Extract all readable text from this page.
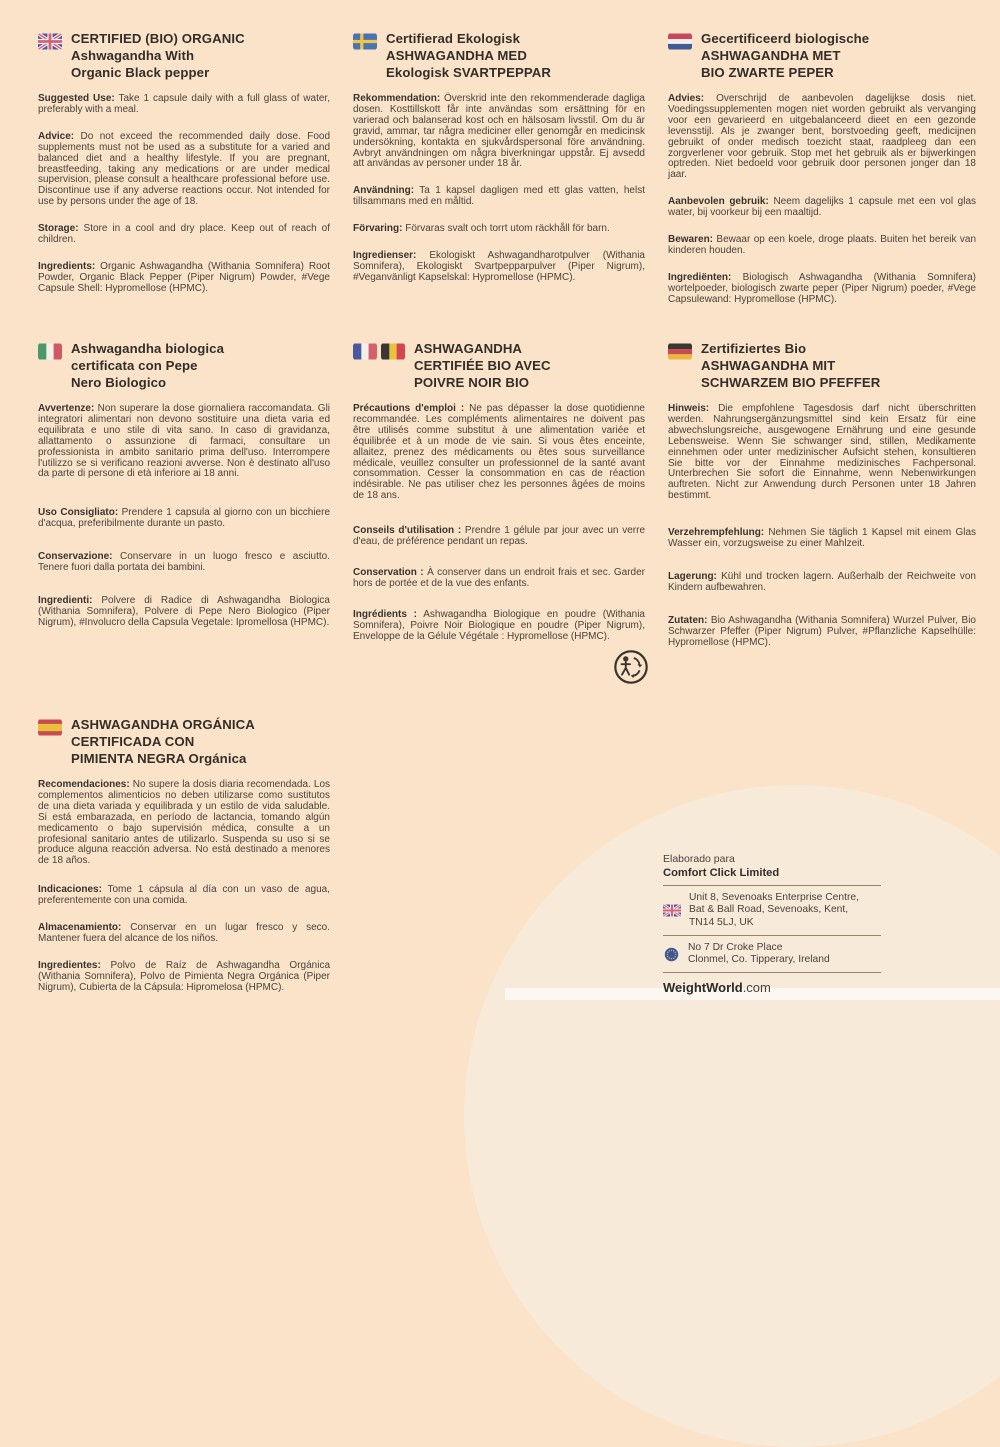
CERTIFIED (BIO) ORGANIC
Ashwagandha With
Organic Black pepper

Suggested Use: Take 1 capsule daily with a full glass of water, preferably with a meal.

Advice: Do not exceed the recommended daily dose. Food supplements must not be used as a substitute for a varied and balanced diet and a healthy lifestyle. If you are pregnant, breastfeeding, taking any medications or are under medical supervision, please consult a healthcare professional before use. Discontinue use if any adverse reactions occur. Not intended for use by persons under the age of 18.

Storage: Store in a cool and dry place. Keep out of reach of children.

Ingredients: Organic Ashwagandha (Withania Somnifera) Root Powder, Organic Black Pepper (Piper Nigrum) Powder, #Vege Capsule Shell: Hypromellose (HPMC).

Certifierad Ekologisk
ASHWAGANDHA MED
Ekologisk SVARTPEPPAR

Rekommendation: Överskrid inte den rekommenderade dagliga dosen. Kosttillskott får inte användas som ersättning för en varierad och balanserad kost och en hälsosam livsstil. Om du är gravid, ammar, tar några mediciner eller genomgår en medicinsk undersökning, kontakta en sjukvårdspersonal före användning. Avbryt användningen om några biverkningar uppstår. Ej avsedd att användas av personer under 18 år.

Användning: Ta 1 kapsel dagligen med ett glas vatten, helst tillsammans med en måltid.

Förvaring: Förvaras svalt och torrt utom räckhåll för barn.

Ingredienser: Ekologiskt Ashwagandharotpulver (Withania Somnifera), Ekologiskt Svartpepparpulver (Piper Nigrum), #Veganvänligt Kapselskal: Hypromellose (HPMC).

Gecertificeerd biologische
ASHWAGANDHA MET
BIO ZWARTE PEPER

Advies: Overschrijd de aanbevolen dagelijkse dosis niet. Voedingssupplementen mogen niet worden gebruikt als vervanging voor een gevarieerd en uitgebalanceerd dieet en een gezonde levensstijl. Als je zwanger bent, borstvoeding geeft, medicijnen gebruikt of onder medisch toezicht staat, raadpleeg dan een zorgverlener voor gebruik. Stop met het gebruik als er bijwerkingen optreden. Niet bedoeld voor gebruik door personen jonger dan 18 jaar.

Aanbevolen gebruik: Neem dagelijks 1 capsule met een vol glas water, bij voorkeur bij een maaltijd.

Bewaren: Bewaar op een koele, droge plaats. Buiten het bereik van kinderen houden.

Ingrediënten: Biologisch Ashwagandha (Withania Somnifera) wortelpoeder, biologisch zwarte peper (Piper Nigrum) poeder, #Vege Capsulewand: Hypromellose (HPMC).

Ashwagandha biologica
certificata con Pepe
Nero Biologico

Avvertenze: Non superare la dose giornaliera raccomandata. Gli integratori alimentari non devono sostituire una dieta varia ed equilibrata e uno stile di vita sano. In caso di gravidanza, allattamento o assunzione di farmaci, consultare un professionista in ambito sanitario prima dell'uso. Interrompere l'utilizzo se si verificano reazioni avverse. Non è destinato all'uso da parte di persone di età inferiore ai 18 anni.

Uso Consigliato: Prendere 1 capsula al giorno con un bicchiere d'acqua, preferibilmente durante un pasto.

Conservazione: Conservare in un luogo fresco e asciutto. Tenere fuori dalla portata dei bambini.

Ingredienti: Polvere di Radice di Ashwagandha Biologica (Withania Somnifera), Polvere di Pepe Nero Biologico (Piper Nigrum), #Involucro della Capsula Vegetale: Ipromellosa (HPMC).

ASHWAGANDHA
CERTIFIÉE BIO AVEC
POIVRE NOIR BIO

Précautions d'emploi : Ne pas dépasser la dose quotidienne recommandée. Les compléments alimentaires ne doivent pas être utilisés comme substitut à une alimentation variée et équilibrée et à un mode de vie sain. Si vous êtes enceinte, allaitez, prenez des médicaments ou êtes sous surveillance médicale, veuillez consulter un professionnel de la santé avant consommation. Cesser la consommation en cas de réaction indésirable. Ne pas utiliser chez les personnes âgées de moins de 18 ans.

Conseils d'utilisation : Prendre 1 gélule par jour avec un verre d'eau, de préférence pendant un repas.

Conservation : À conserver dans un endroit frais et sec. Garder hors de portée et de la vue des enfants.

Ingrédients : Ashwagandha Biologique en poudre (Withania Somnifera), Poivre Noir Biologique en poudre (Piper Nigrum), Enveloppe de la Gélule Végétale : Hypromellose (HPMC).

Zertifiziertes Bio
ASHWAGANDHA MIT
SCHWARZEM BIO PFEFFER

Hinweis: Die empfohlene Tagesdosis darf nicht überschritten werden. Nahrungsergänzungsmittel sind kein Ersatz für eine abwechslungsreiche, ausgewogene Ernährung und eine gesunde Lebensweise. Wenn Sie schwanger sind, stillen, Medikamente einnehmen oder unter medizinischer Aufsicht stehen, konsultieren Sie bitte vor der Einnahme medizinisches Fachpersonal. Unterbrechen Sie sofort die Einnahme, wenn Nebenwirkungen auftreten. Nicht zur Anwendung durch Personen unter 18 Jahren bestimmt.

Verzehrempfehlung: Nehmen Sie täglich 1 Kapsel mit einem Glas Wasser ein, vorzugsweise zu einer Mahlzeit.

Lagerung: Kühl und trocken lagern. Außerhalb der Reichweite von Kindern aufbewahren.

Zutaten: Bio Ashwagandha (Withania Somnifera) Wurzel Pulver, Bio Schwarzer Pfeffer (Piper Nigrum) Pulver, #Pflanzliche Kapselhülle: Hypromellose (HPMC).

ASHWAGANDHA ORGÁNICA
CERTIFICADA CON
PIMIENTA NEGRA Orgánica

Recomendaciones: No supere la dosis diaria recomendada. Los complementos alimenticios no deben utilizarse como sustitutos de una dieta variada y equilibrada y un estilo de vida saludable. Si está embarazada, en período de lactancia, tomando algún medicamento o bajo supervisión médica, consulte a un profesional sanitario antes de utilizarlo. Suspenda su uso si se produce alguna reacción adversa. No está destinado a menores de 18 años.

Indicaciones: Tome 1 cápsula al día con un vaso de agua, preferentemente con una comida.

Almacenamiento: Conservar en un lugar fresco y seco. Mantener fuera del alcance de los niños.

Ingredientes: Polvo de Raíz de Ashwagandha Orgánica (Withania Somnifera), Polvo de Pimienta Negra Orgánica (Piper Nigrum), Cubierta de la Cápsula: Hipromelosa (HPMC).

Elaborado para
Comfort Click Limited
Unit 8, Sevenoaks Enterprise Centre,
Bat & Ball Road, Sevenoaks, Kent,
TN14 5LJ, UK
No 7 Dr Croke Place
Clonmel, Co. Tipperary, Ireland
WeightWorld.com
